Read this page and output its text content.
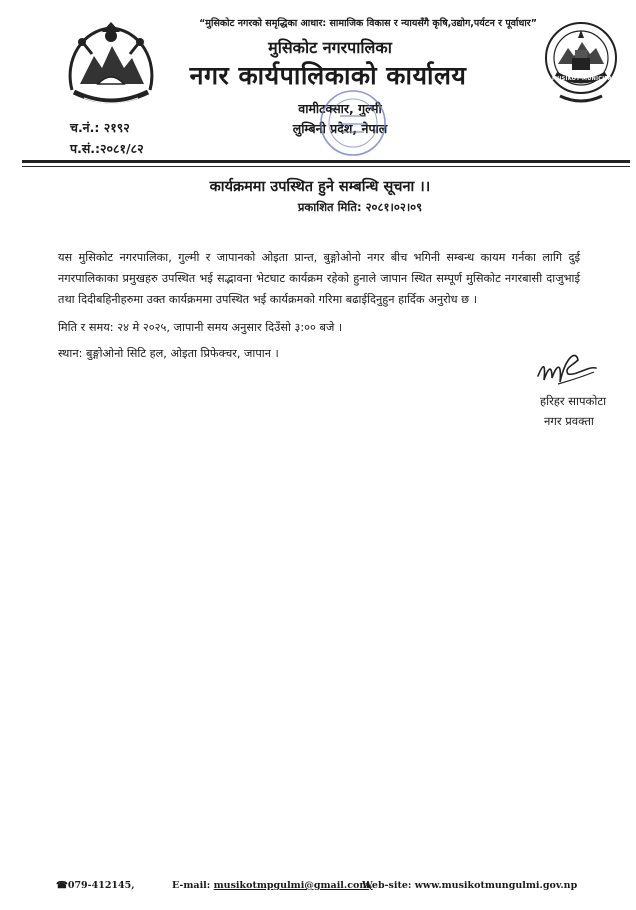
“मुसिकोट नगरको समृद्धिका आधार: सामाजिक विकास र न्यायसँगै कृषि,उद्योग,पर्यटन र पूर्वाधार”
मुसिकोट नगरपालिका
नगर कार्यपालिकाको कार्यालय
वामीटक्सार, गुल्मी
लुम्बिनी प्रदेश, नेपाल
MUSIKOT MUNICIPALITY
च.नं.: २१९२
प.सं.:२०८१/८२
कार्यक्रममा उपस्थित हुने सम्बन्धि सूचना ।।
प्रकाशित मिति: २०८१।०२।०९
यस मुसिकोट नगरपालिका, गुल्मी र जापानको ओइता प्रान्त, बुङ्गोओनो नगर बीच भगिनी सम्बन्ध कायम गर्नका लागि दुई नगरपालिकाका प्रमुखहरु उपस्थित भई सद्भावना भेटघाट कार्यक्रम रहेको हुनाले जापान स्थित सम्पूर्ण मुसिकोट नगरबासी दाजुभाई तथा दिदीबहिनीहरुमा उक्त कार्यक्रममा उपस्थित भई कार्यक्रमको गरिमा बढाईदिनुहुन हार्दिक अनुरोध छ ।
मिति र समय: २४ मे २०२५, जापानी समय अनुसार दिउँसो ३:०० बजे ।
स्थान: बुङ्गोओनो सिटि हल, ओइता प्रिफेक्चर, जापान ।
हरिहर सापकोटा
नगर प्रवक्ता
☎079-412145,	E-mail: musikotmpgulmi@gmail.com,
Web-site: www.musikotmungulmi.gov.np
